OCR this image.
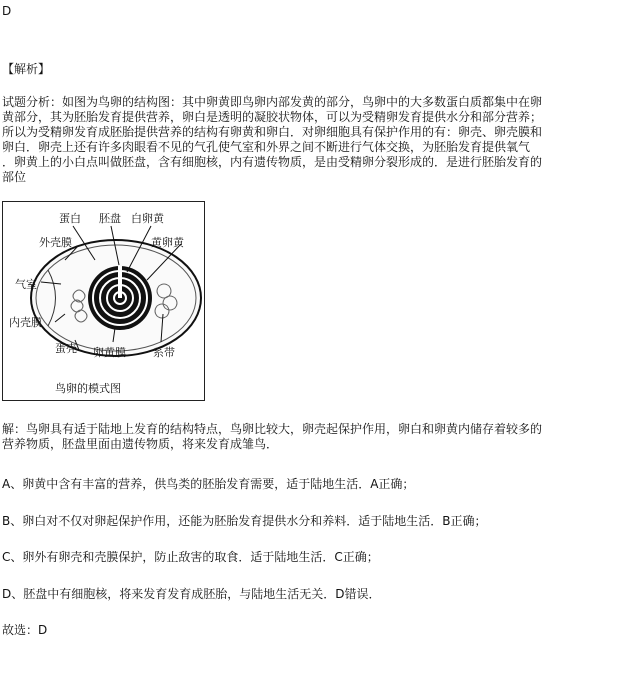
D
【解析】
试题分析：如图为鸟卵的结构图：其中卵黄即鸟卵内部发黄的部分，鸟卵中的大多数蛋白质都集中在卵
黄部分，其为胚胎发育提供营养，卵白是透明的凝胶状物体，可以为受精卵发育提供水分和部分营养；
所以为受精卵发育成胚胎提供营养的结构有卵黄和卵白．对卵细胞具有保护作用的有：卵壳、卵壳膜和
卵白．卵壳上还有许多肉眼看不见的气孔使气室和外界之间不断进行气体交换，为胚胎发育提供氧气
．卵黄上的小白点叫做胚盘，含有细胞核，内有遗传物质，是由受精卵分裂形成的．是进行胚胎发育的
部位
蛋白 胚盘 白卵黄
外壳膜	黄卵黄
气室
内壳膜
蛋壳 卵黄膜 系带
鸟卵的模式图
解：鸟卵具有适于陆地上发育的结构特点，鸟卵比较大，卵壳起保护作用，卵白和卵黄内储存着较多的
营养物质，胚盘里面由遗传物质，将来发育成雏鸟．
A、卵黄中含有丰富的营养，供鸟类的胚胎发育需要，适于陆地生活．A正确；
B、卵白对不仅对卵起保护作用，还能为胚胎发育提供水分和养料．适于陆地生活．B正确；
C、卵外有卵壳和壳膜保护，防止敌害的取食．适于陆地生活．C正确；
D、胚盘中有细胞核，将来发育发育成胚胎，与陆地生活无关．D错误．
故选：D
